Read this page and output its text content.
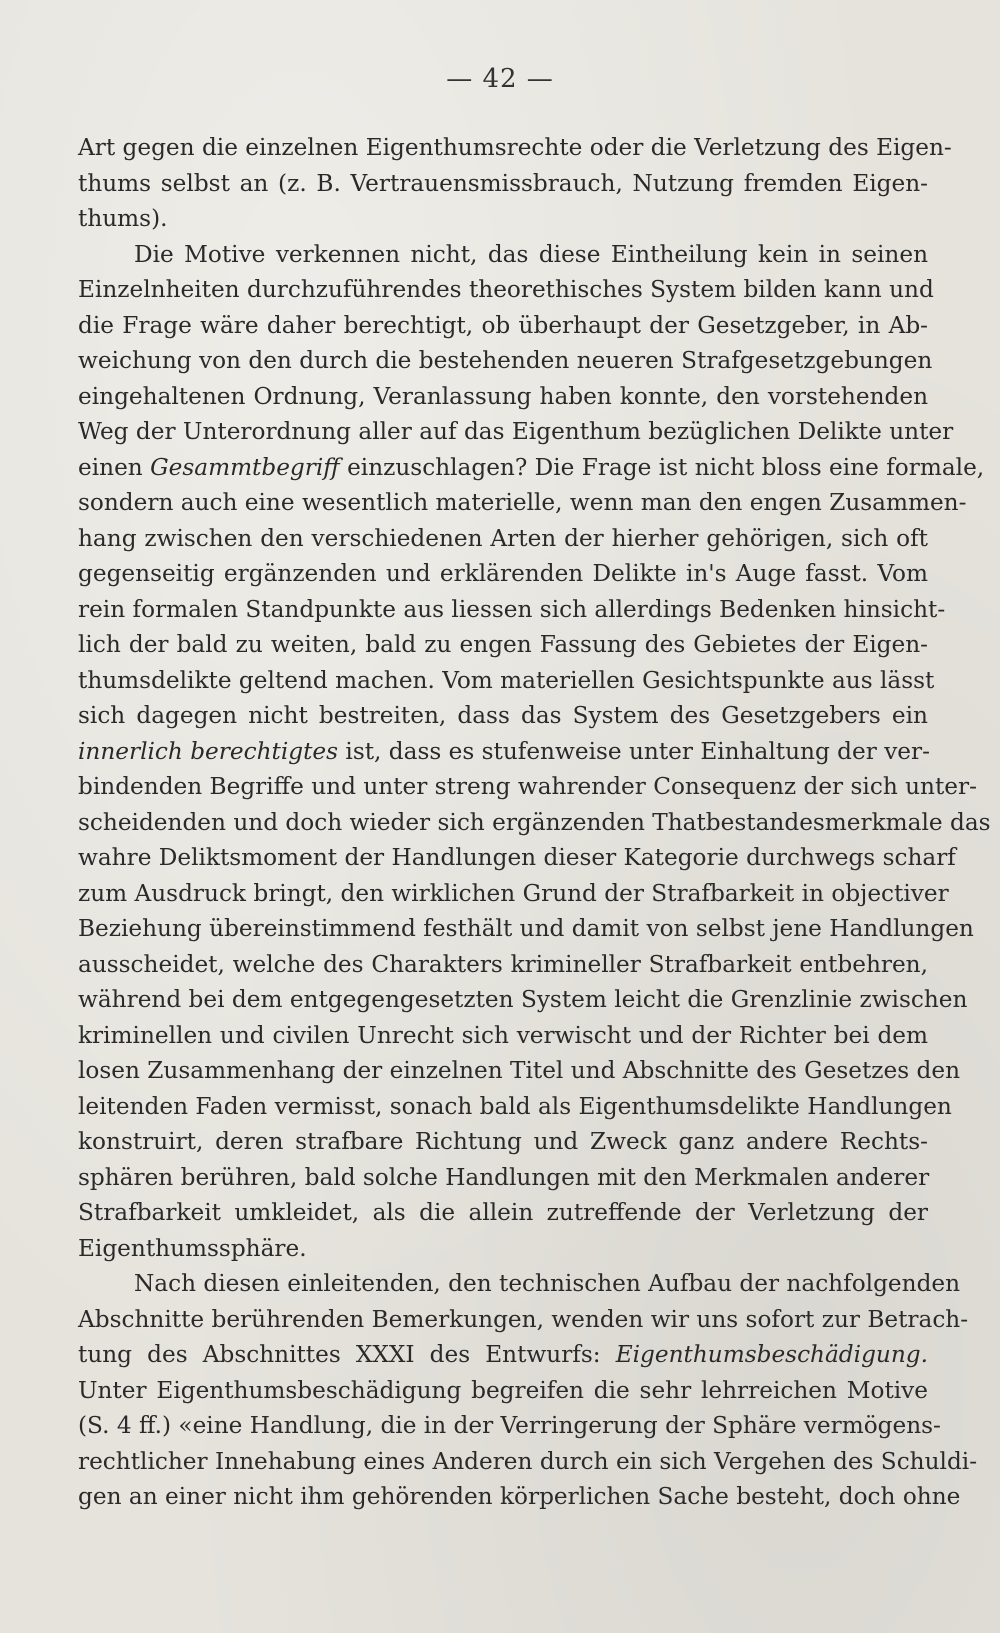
— 42 —
Art gegen die einzelnen Eigenthumsrechte oder die Verletzung des Eigen-
thums selbst an (z. B. Vertrauensmissbrauch, Nutzung fremden Eigen-
thums).
Die Motive verkennen nicht, das diese Eintheilung kein in seinen
Einzelnheiten durchzuführendes theorethisches System bilden kann und
die Frage wäre daher berechtigt, ob überhaupt der Gesetzgeber, in Ab-
weichung von den durch die bestehenden neueren Strafgesetzgebungen
eingehaltenen Ordnung, Veranlassung haben konnte, den vorstehenden
Weg der Unterordnung aller auf das Eigenthum bezüglichen Delikte unter
einen Gesammtbegriff einzuschlagen? Die Frage ist nicht bloss eine formale,
sondern auch eine wesentlich materielle, wenn man den engen Zusammen-
hang zwischen den verschiedenen Arten der hierher gehörigen, sich oft
gegenseitig ergänzenden und erklärenden Delikte in's Auge fasst. Vom
rein formalen Standpunkte aus liessen sich allerdings Bedenken hinsicht-
lich der bald zu weiten, bald zu engen Fassung des Gebietes der Eigen-
thumsdelikte geltend machen. Vom materiellen Gesichtspunkte aus lässt
sich dagegen nicht bestreiten, dass das System des Gesetzgebers ein
innerlich berechtigtes ist, dass es stufenweise unter Einhaltung der ver-
bindenden Begriffe und unter streng wahrender Consequenz der sich unter-
scheidenden und doch wieder sich ergänzenden Thatbestandesmerkmale das
wahre Deliktsmoment der Handlungen dieser Kategorie durchwegs scharf
zum Ausdruck bringt, den wirklichen Grund der Strafbarkeit in objectiver
Beziehung übereinstimmend festhält und damit von selbst jene Handlungen
ausscheidet, welche des Charakters krimineller Strafbarkeit entbehren,
während bei dem entgegengesetzten System leicht die Grenzlinie zwischen
kriminellen und civilen Unrecht sich verwischt und der Richter bei dem
losen Zusammenhang der einzelnen Titel und Abschnitte des Gesetzes den
leitenden Faden vermisst, sonach bald als Eigenthumsdelikte Handlungen
konstruirt, deren strafbare Richtung und Zweck ganz andere Rechts-
sphären berühren, bald solche Handlungen mit den Merkmalen anderer
Strafbarkeit umkleidet, als die allein zutreffende der Verletzung der
Eigenthumssphäre.
Nach diesen einleitenden, den technischen Aufbau der nachfolgenden
Abschnitte berührenden Bemerkungen, wenden wir uns sofort zur Betrach-
tung des Abschnittes XXXI des Entwurfs: Eigenthumsbeschädigung.
Unter Eigenthumsbeschädigung begreifen die sehr lehrreichen Motive
(S. 4 ff.) «eine Handlung, die in der Verringerung der Sphäre vermögens-
rechtlicher Innehabung eines Anderen durch ein sich Vergehen des Schuldi-
gen an einer nicht ihm gehörenden körperlichen Sache besteht, doch ohne
